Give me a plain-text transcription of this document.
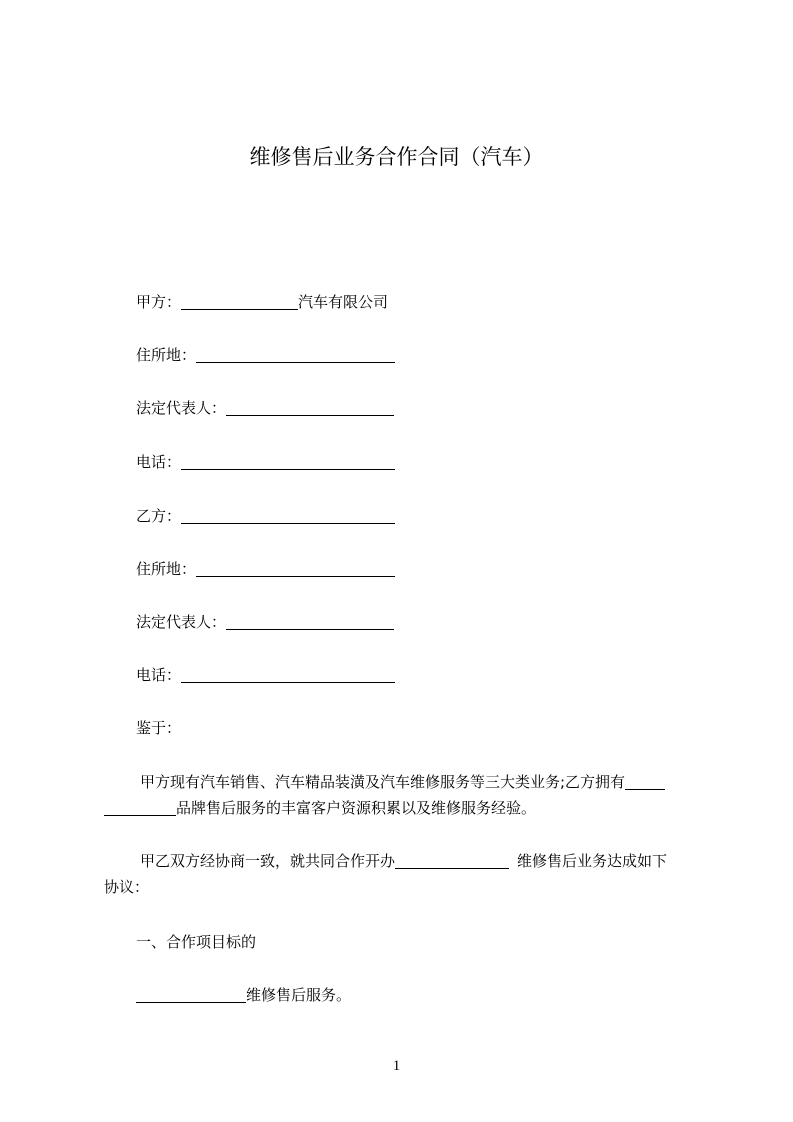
维修售后业务合作合同（汽车）
甲方：	汽车有限公司
住所地：
法定代表人：
电话：
乙方：
住所地：
法定代表人：
电话：
鉴于：
甲方现有汽车销售、汽车精品装潢及汽车维修服务等三大类业务;乙方拥有
品牌售后服务的丰富客户资源积累以及维修服务经验。
甲乙双方经协商一致，就共同合作开办	维修售后业务达成如下
协议：
一、合作项目标的
维修售后服务。
1
